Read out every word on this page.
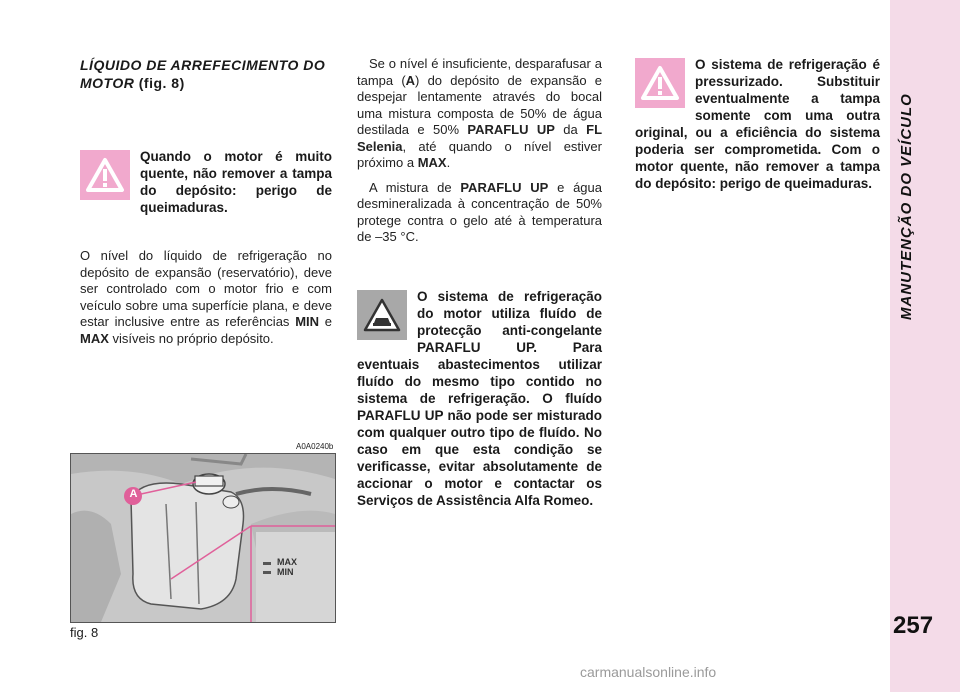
MANUTENÇÃO DO VEÍCULO
257

LÍQUIDO DE ARREFECIMENTO DO MOTOR (fig. 8)

Quando o motor é muito quente, não remover a tampa do depósito: perigo de queimaduras.

O nível do líquido de refrigeração no depósito de expansão (reservatório), deve ser controlado com o motor frio e com veículo sobre uma superfície plana, e deve estar inclusive entre as referências MIN e MAX visíveis no próprio depósito.

Se o nível é insuficiente, desparafusar a tampa (A) do depósito de expansão e despejar lentamente através do bocal uma mistura composta de 50% de água destilada e 50% PARAFLU UP da FL Selenia, até quando o nível estiver próximo a MAX.

A mistura de PARAFLU UP e água desmineralizada à concentração de 50% protege contra o gelo até à temperatura de –35 °C.

O sistema de refrigeração do motor utiliza fluído de protecção anti-congelante PARAFLU UP. Para eventuais abastecimentos utilizar fluído do mesmo tipo contido no sistema de refrigeração. O fluído PARAFLU UP não pode ser misturado com qualquer outro tipo de fluído. No caso em que esta condição se verificasse, evitar absolutamente de accionar o motor e contactar os Serviços de Assistência Alfa Romeo.
O sistema de refrigeração é pressurizado. Substituir eventualmente a tampa somente com uma outra original, ou a eficiência do sistema poderia ser comprometida. Com o motor quente, não remover a tampa do depósito: perigo de queimaduras.
A0A0240b
A
MAX
MIN
fig. 8
carmanualsonline.info
